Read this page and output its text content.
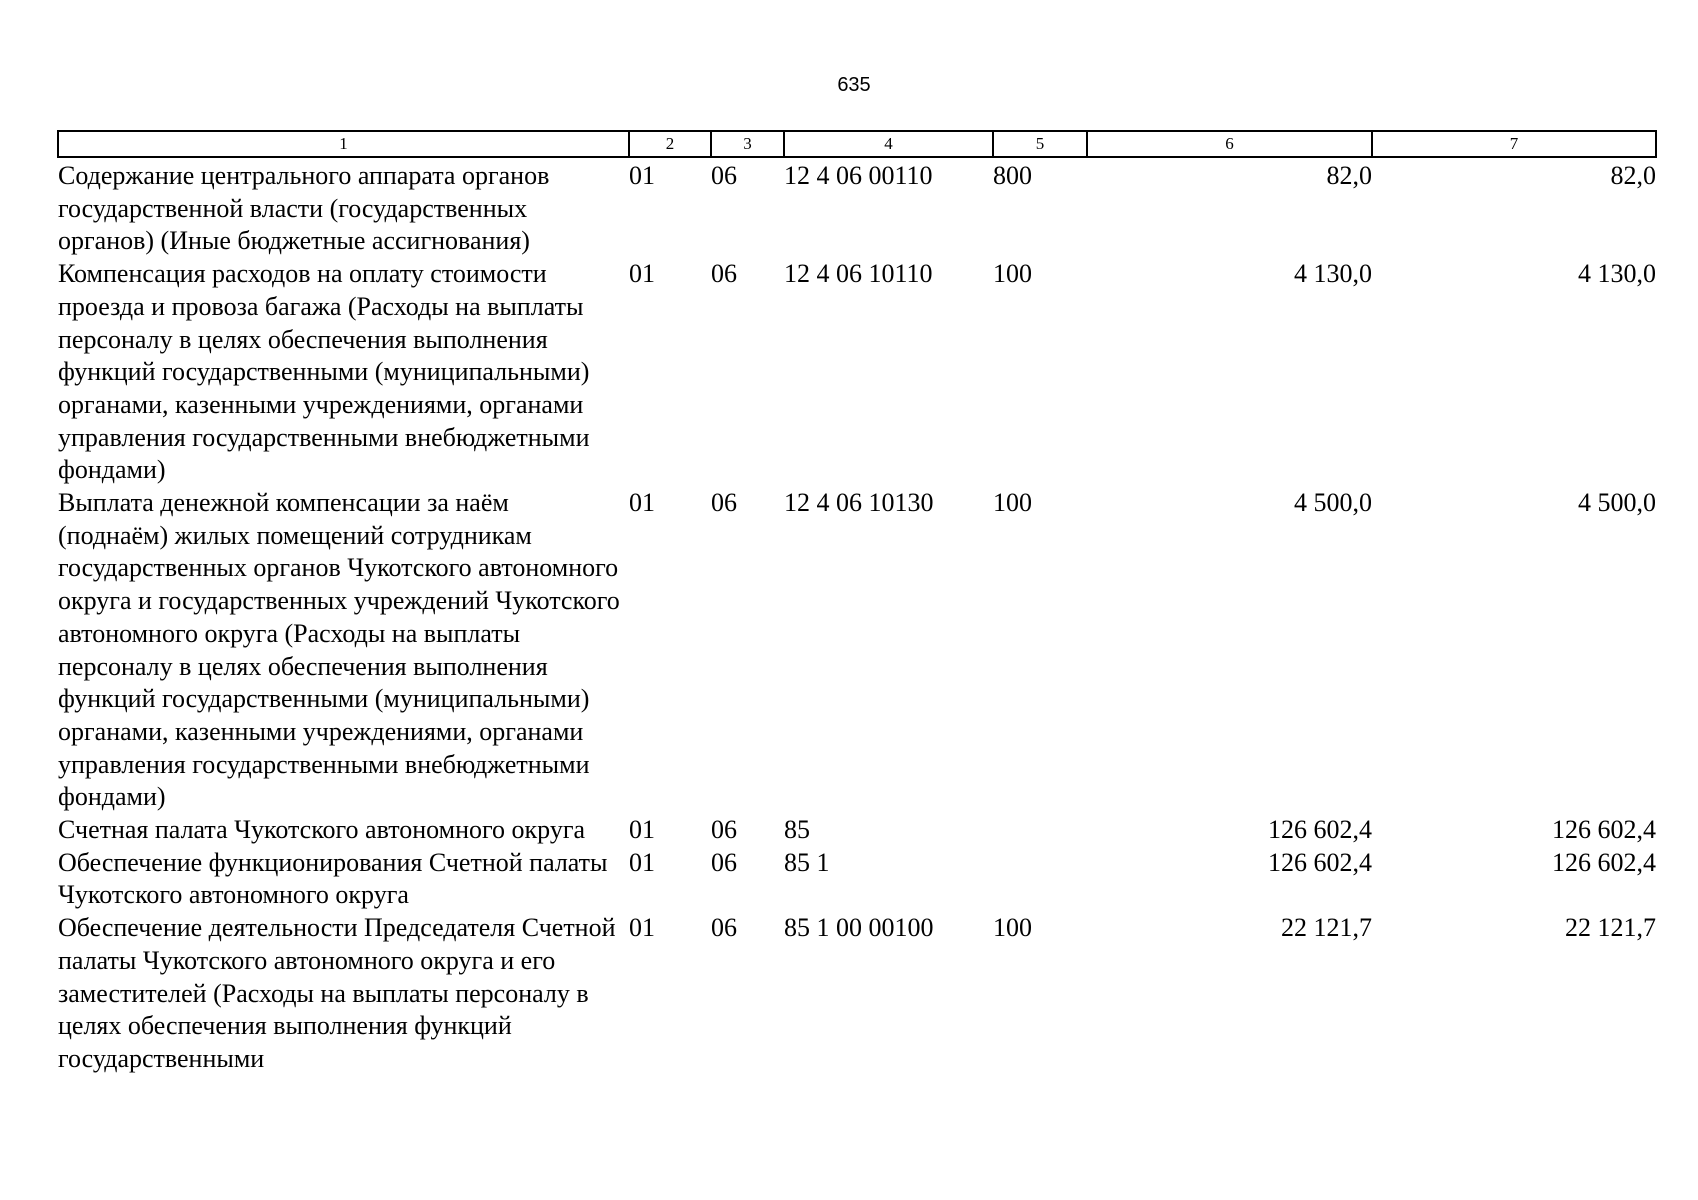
635
1	2	3	4	5	6	7
Содержание центрального аппарата органов государственной власти (государственных органов) (Иные бюджетные ассигнования)	01	06	12 4 06 00110	800	82,0	82,0
Компенсация расходов на оплату стоимости проезда и провоза багажа (Расходы на выплаты персоналу в целях обеспечения выполнения функций государственными (муниципальными) органами, казенными учреждениями, органами управления государственными внебюджетными фондами)	01	06	12 4 06 10110	100	4 130,0	4 130,0
Выплата денежной компенсации за наём (поднаём) жилых помещений сотрудникам государственных органов Чукотского автономного округа и государственных учреждений Чукотского автономного округа (Расходы на выплаты персоналу в целях обеспечения выполнения функций государственными (муниципальными) органами, казенными учреждениями, органами управления государственными внебюджетными фондами)	01	06	12 4 06 10130	100	4 500,0	4 500,0
Счетная палата Чукотского автономного округа	01	06	85		126 602,4	126 602,4
Обеспечение функционирования Счетной палаты Чукотского автономного округа	01	06	85 1		126 602,4	126 602,4
Обеспечение деятельности Председателя Счетной палаты Чукотского автономного округа и его заместителей (Расходы на выплаты персоналу в целях обеспечения выполнения функций государственными	01	06	85 1 00 00100	100	22 121,7	22 121,7
